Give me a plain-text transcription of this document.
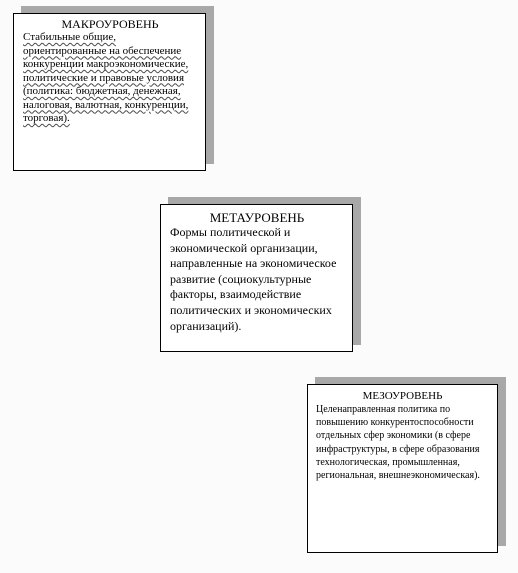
МАКРОУРОВЕНЬ

Стабильные общие, ориентированные на обеспечение конкуренции макроэкономические, политические и правовые условия (политика: бюджетная, денежная, налоговая, валютная, конкуренции, торговая).

МЕТАУРОВЕНЬ

Формы политической и экономической организации, направленные на экономическое развитие (социокультурные факторы, взаимодействие политических и экономических организаций).

МЕЗОУРОВЕНЬ

Целенаправленная политика по повышению конкурентоспособности отдельных сфер экономики (в сфере инфраструктуры, в сфере образования технологическая, промышленная, региональная, внешнеэкономическая).
